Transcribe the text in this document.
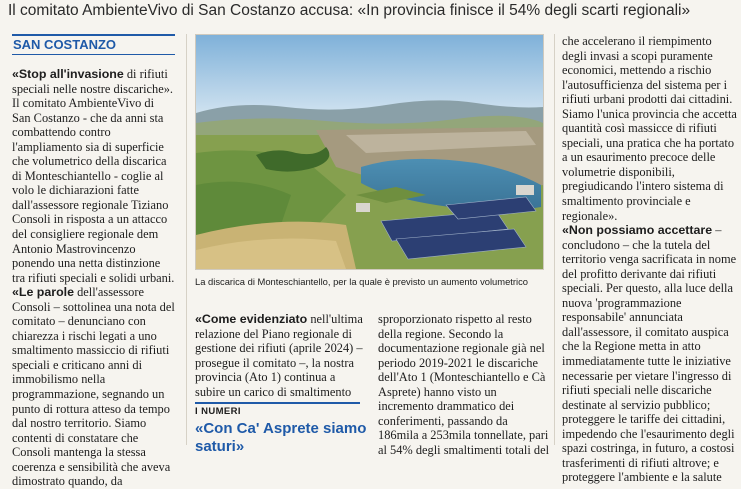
Il comitato AmbienteVivo di San Costanzo accusa: «In provincia finisce il 54% degli scarti regionali»
SAN COSTANZO

«Stop all'invasione di rifiuti speciali nelle nostre discariche». Il comitato AmbienteVivo di San Costanzo - che da anni sta combattendo contro l'ampliamento sia di superficie che volumetrico della discarica di Monteschiantello - coglie al volo le dichiarazioni fatte dall'assessore regionale Tiziano Consoli in risposta a un attacco del consigliere regionale dem Antonio Mastrovincenzo ponendo una netta distinzione tra rifiuti speciali e solidi urbani.

«Le parole dell'assessore Consoli – sottolinea una nota del comitato – denunciano con chiarezza i rischi legati a uno smaltimento massiccio di rifiuti speciali e criticano anni di immobilismo nella programmazione, segnando un punto di rottura atteso da tempo dal nostro territorio. Siamo contenti di constatare che Consoli mantenga la stessa coerenza e sensibilità che aveva dimostrato quando, da

La discarica di Monteschiantello, per la quale è previsto un aumento volumetrico

«Come evidenziato nell'ultima relazione del Piano regionale di gestione dei rifiuti (aprile 2024) – prosegue il comitato –, la nostra provincia (Ato 1) continua a subire un carico di smaltimento

I NUMERI
«Con Ca' Asprete siamo saturi»

sproporzionato rispetto al resto della regione. Secondo la documentazione regionale già nel periodo 2019-2021 le discariche dell'Ato 1 (Monteschiantello e Cà Asprete) hanno visto un incremento drammatico dei conferimenti, passando da 186mila a 253mila tonnellate, pari al 54% degli smaltimenti totali del

che accelerano il riempimento degli invasi a scopi puramente economici, mettendo a rischio l'autosufficienza del sistema per i rifiuti urbani prodotti dai cittadini. Siamo l'unica provincia che accetta quantità così massicce di rifiuti speciali, una pratica che ha portato a un esaurimento precoce delle volumetrie disponibili, pregiudicando l'intero sistema di smaltimento provinciale e regionale».

«Non possiamo accettare – concludono – che la tutela del territorio venga sacrificata in nome del profitto derivante dai rifiuti speciali. Per questo, alla luce della nuova 'programmazione responsabile' annunciata dall'assessore, il comitato auspica che la Regione metta in atto immediatamente tutte le iniziative necessarie per vietare l'ingresso di rifiuti speciali nelle discariche destinate al servizio pubblico; proteggere le tariffe dei cittadini, impedendo che l'esaurimento degli spazi costringa, in futuro, a costosi trasferimenti di rifiuti altrove; e proteggere l'ambiente e la salute
